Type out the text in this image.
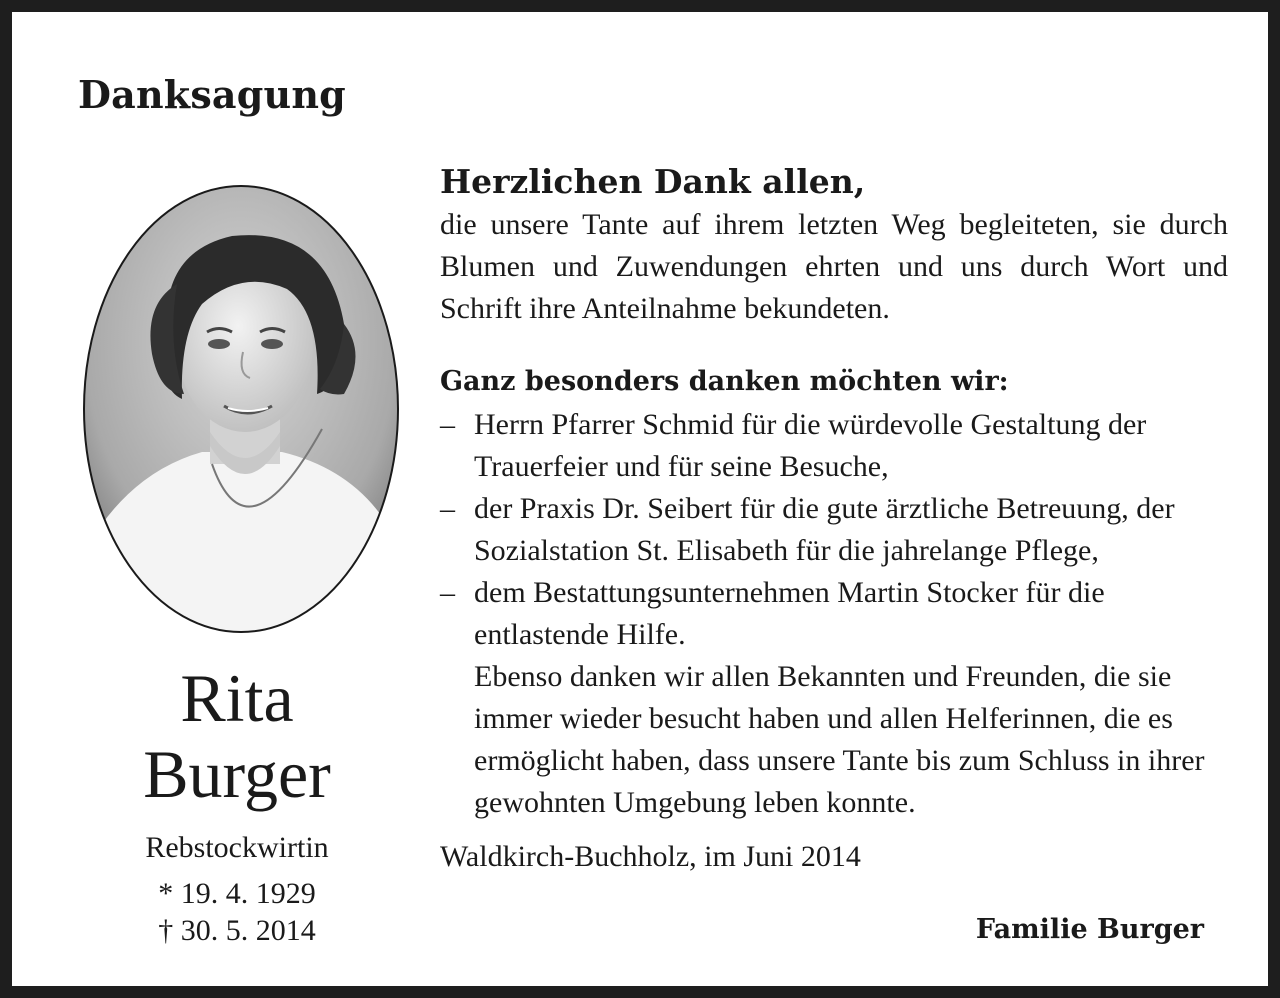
Danksagung
Rita
Burger
Rebstockwirtin
* 19. 4. 1929
† 30. 5. 2014
Herzlichen Dank allen,
die unsere Tante auf ihrem letzten Weg begleiteten, sie durch Blumen und Zuwendungen ehrten und uns durch Wort und Schrift ihre Anteilnahme bekundeten.
Ganz besonders danken möchten wir:
– Herrn Pfarrer Schmid für die würdevolle Gestaltung der Trauerfeier und für seine Besuche,
– der Praxis Dr. Seibert für die gute ärztliche Betreuung, der Sozialstation St. Elisabeth für die jahrelange Pflege,
– dem Bestattungsunternehmen Martin Stocker für die entlastende Hilfe.
Ebenso danken wir allen Bekannten und Freunden, die sie immer wieder besucht haben und allen Helferinnen, die es ermöglicht haben, dass unsere Tante bis zum Schluss in ihrer gewohnten Umgebung leben konnte.
Waldkirch-Buchholz, im Juni 2014
Familie Burger
